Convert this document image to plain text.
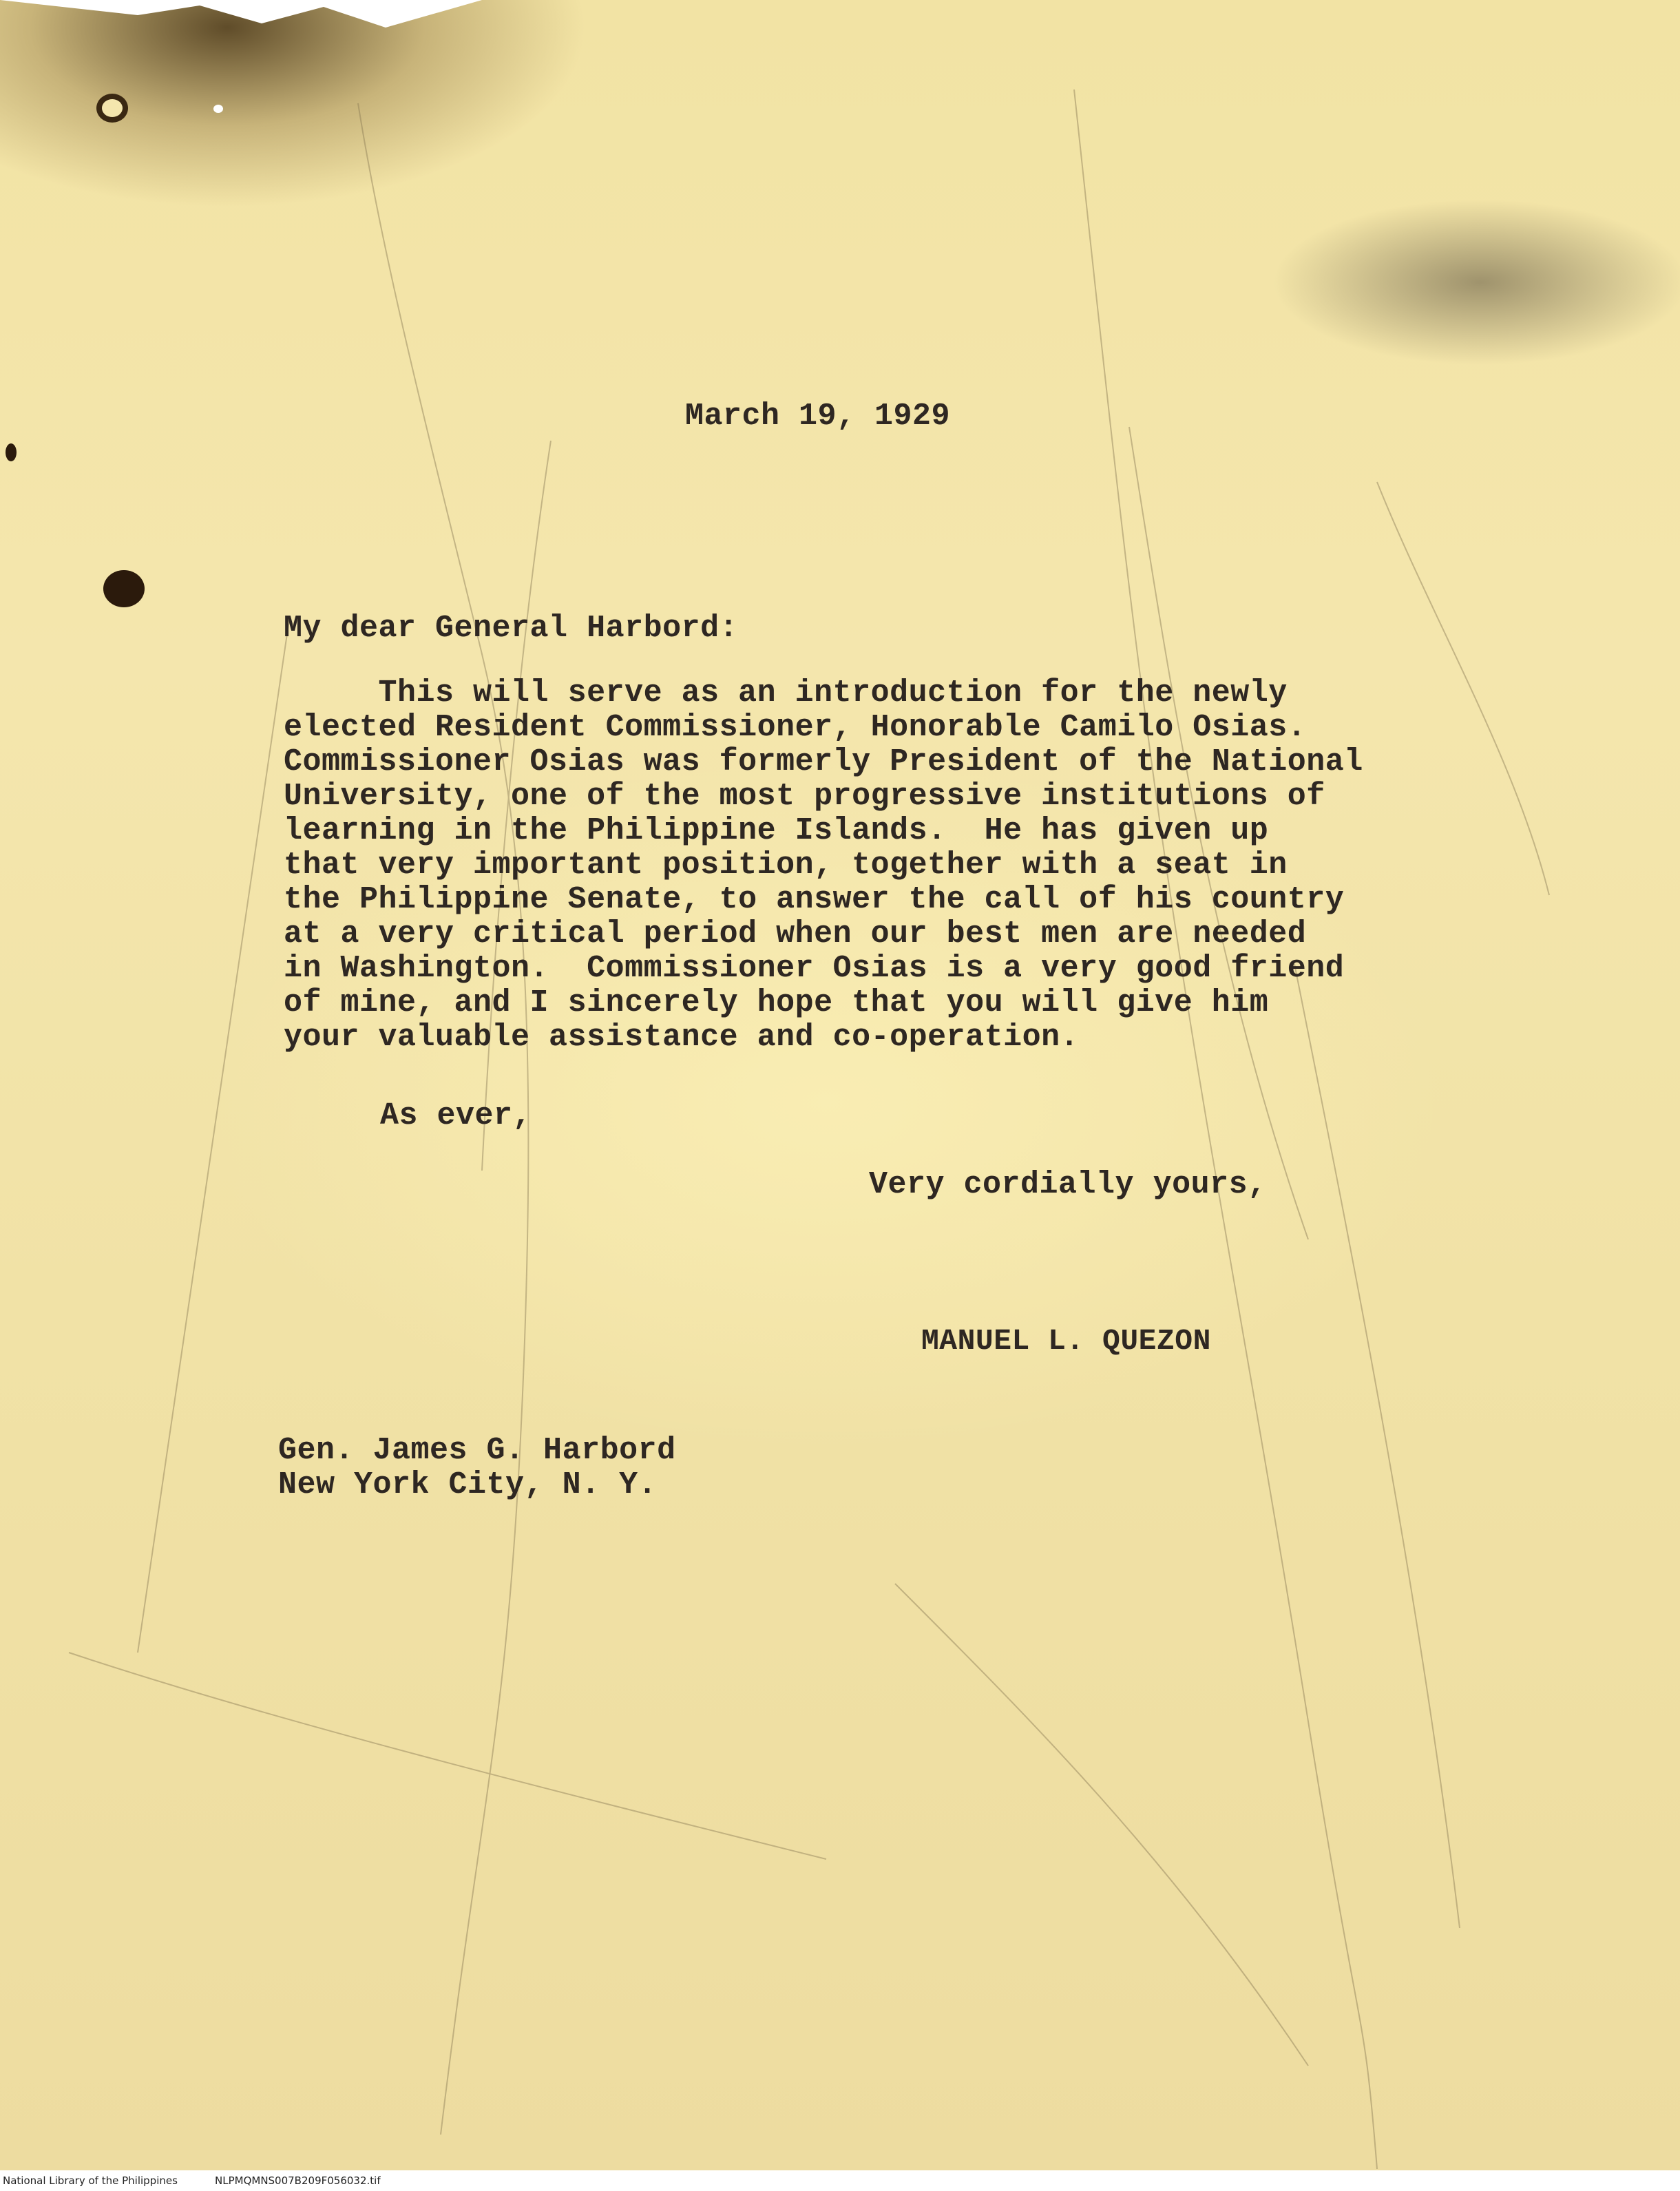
March 19, 1929

My dear General Harbord:

This will serve as an introduction for the newly

elected Resident Commissioner, Honorable Camilo Osias.

Commissioner Osias was formerly President of the National

University, one of the most progressive institutions of

learning in the Philippine Islands.  He has given up

that very important position, together with a seat in

the Philippine Senate, to answer the call of his country

at a very critical period when our best men are needed

in Washington.  Commissioner Osias is a very good friend

of mine, and I sincerely hope that you will give him

your valuable assistance and co-operation.

As ever,

Very cordially yours,

MANUEL L. QUEZON

Gen. James G. Harbord

New York City, N. Y.

National Library of the Philippines	NLPMQMNS007B209F056032.tif
